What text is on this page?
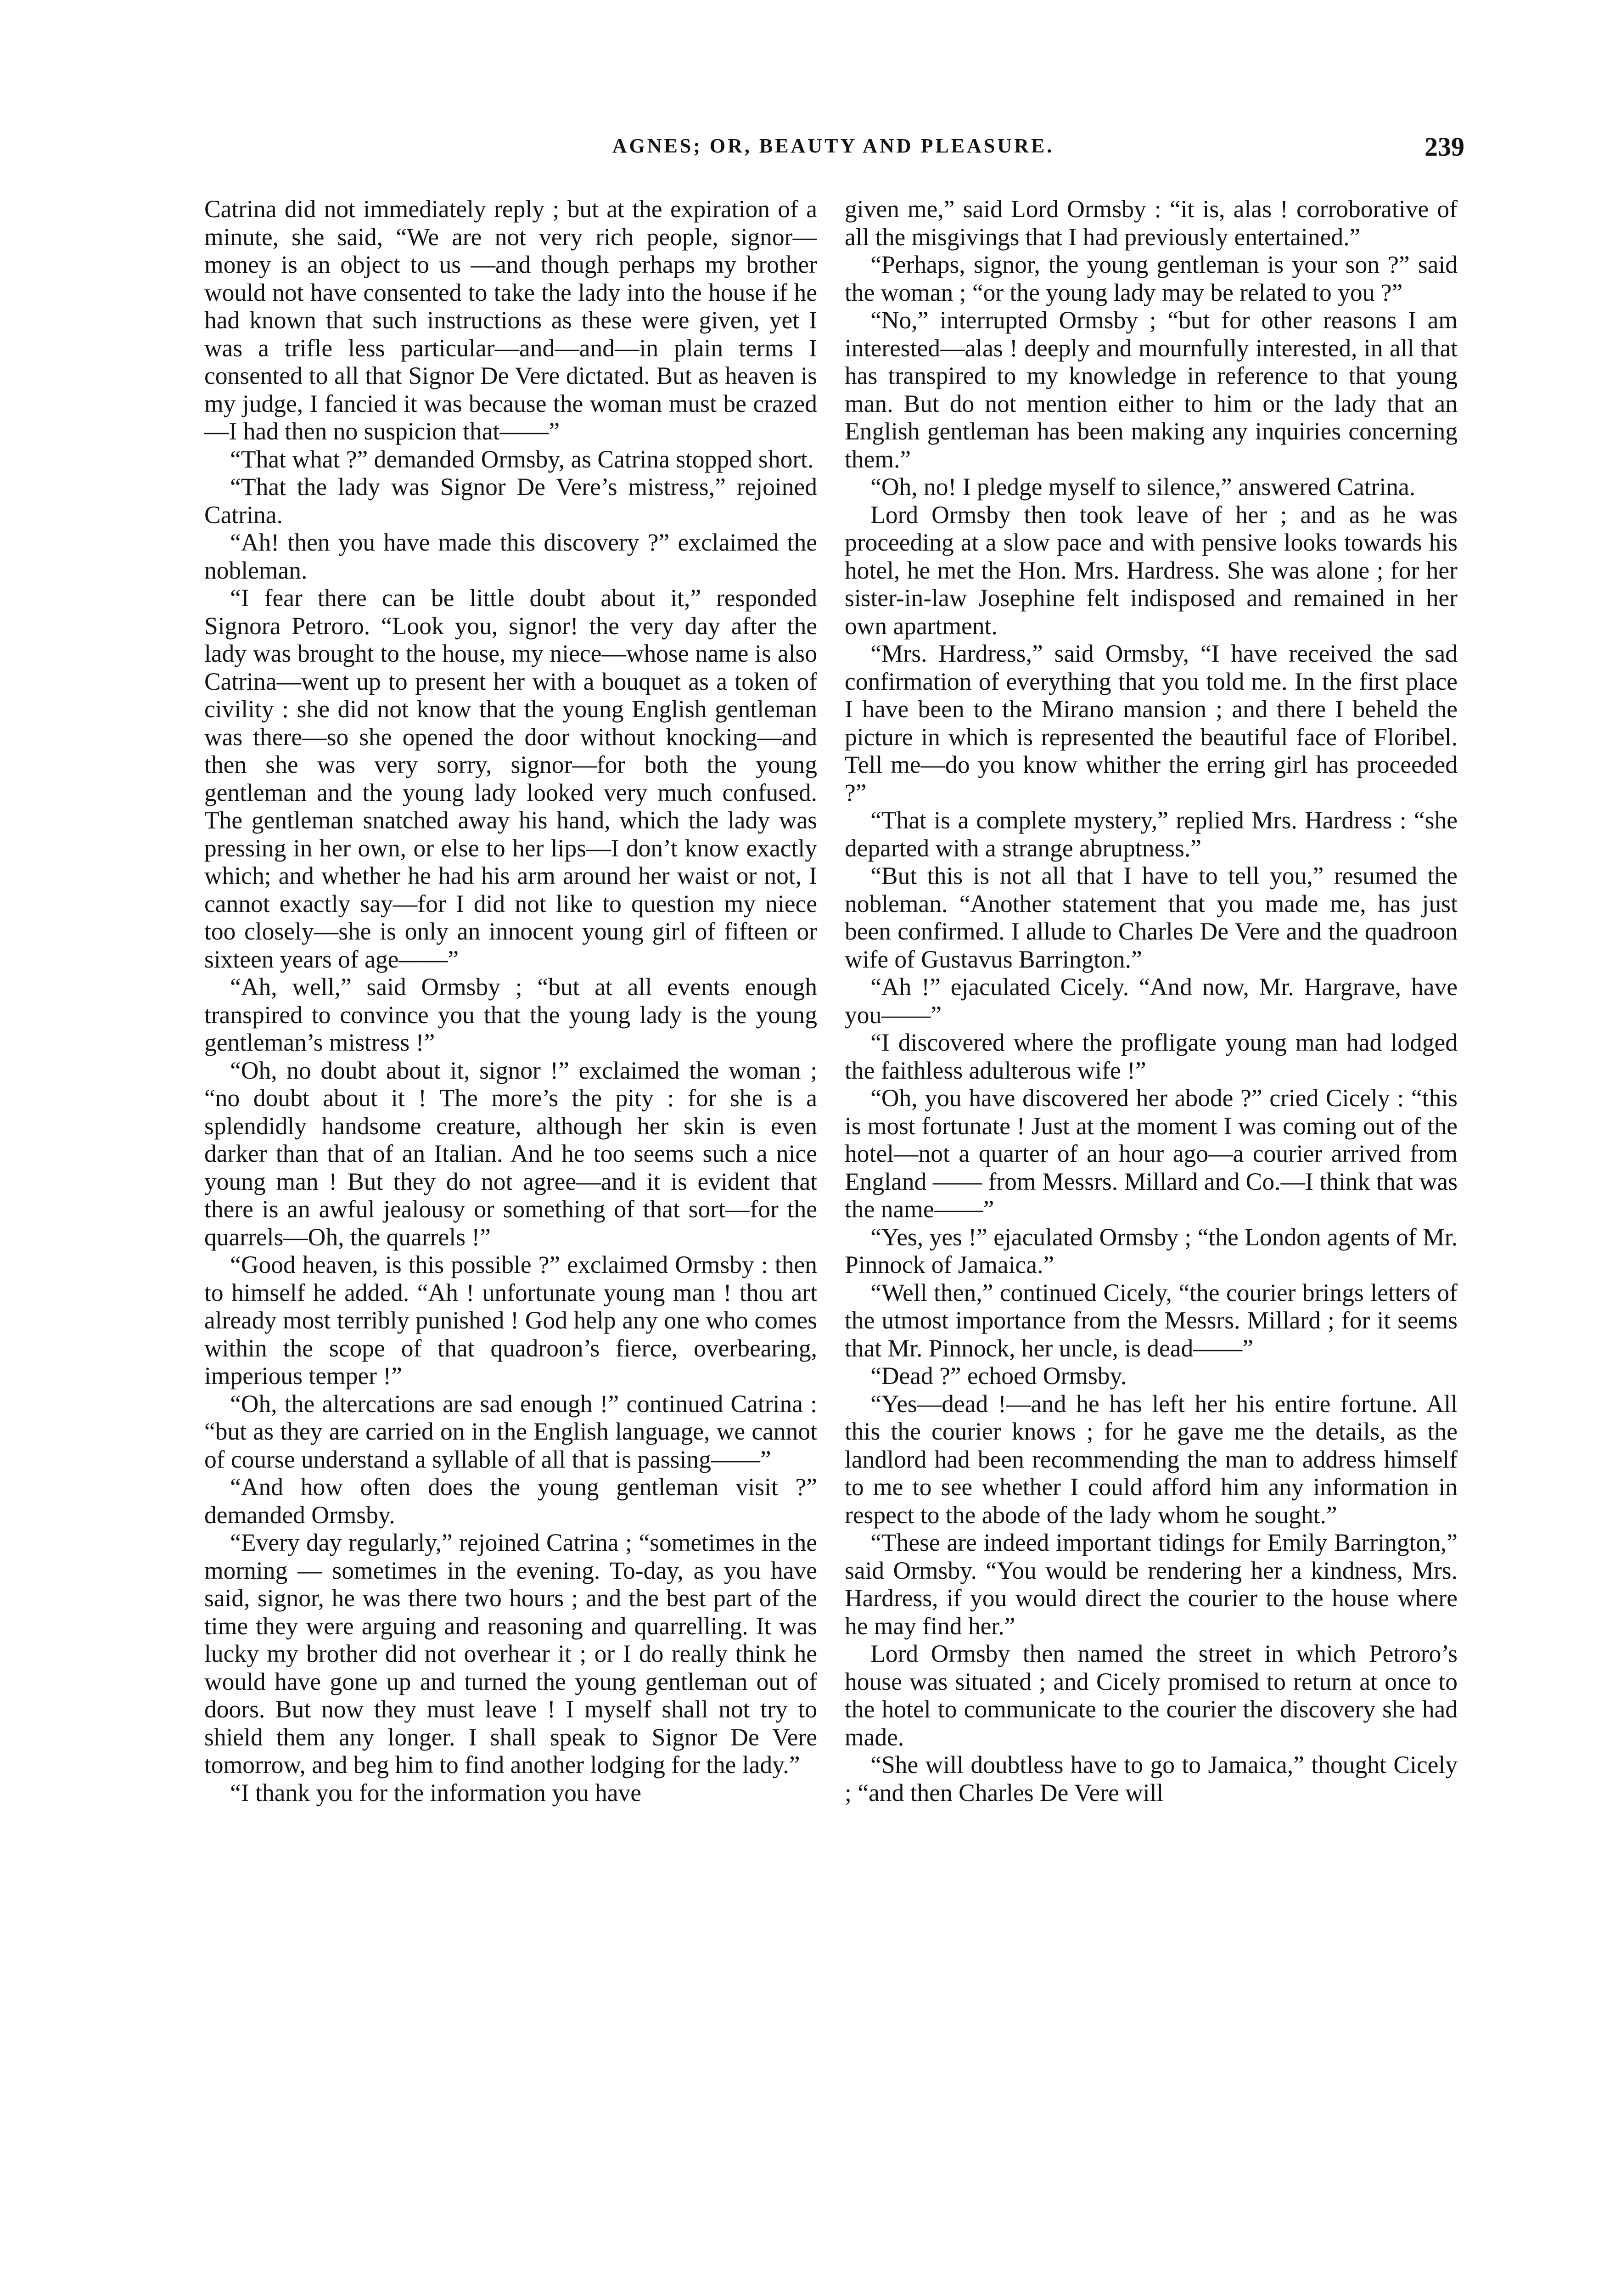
AGNES; OR, BEAUTY AND PLEASURE.	239

Catrina did not immediately reply ; but at the expiration of a minute, she said, “We are not very rich people, signor—money is an object to us —and though perhaps my brother would not have consented to take the lady into the house if he had known that such instructions as these were given, yet I was a trifle less particular—and—and—in plain terms I consented to all that Signor De Vere dictated. But as heaven is my judge, I fancied it was because the woman must be crazed—I had then no suspicion that——”

“That what ?” demanded Ormsby, as Catrina stopped short.

“That the lady was Signor De Vere’s mistress,” rejoined Catrina.

“Ah! then you have made this discovery ?” exclaimed the nobleman.

“I fear there can be little doubt about it,” responded Signora Petroro. “Look you, signor! the very day after the lady was brought to the house, my niece—whose name is also Catrina—went up to present her with a bouquet as a token of civility : she did not know that the young English gentleman was there—so she opened the door without knocking—and then she was very sorry, signor—for both the young gentleman and the young lady looked very much confused. The gentleman snatched away his hand, which the lady was pressing in her own, or else to her lips—I don’t know exactly which; and whether he had his arm around her waist or not, I cannot exactly say—for I did not like to question my niece too closely—she is only an innocent young girl of fifteen or sixteen years of age——”

“Ah, well,” said Ormsby ; “but at all events enough transpired to convince you that the young lady is the young gentleman’s mistress !”

“Oh, no doubt about it, signor !” exclaimed the woman ; “no doubt about it ! The more’s the pity : for she is a splendidly handsome creature, although her skin is even darker than that of an Italian. And he too seems such a nice young man ! But they do not agree—and it is evident that there is an awful jealousy or something of that sort—for the quarrels—Oh, the quarrels !”

“Good heaven, is this possible ?” exclaimed Ormsby : then to himself he added. “Ah ! unfortunate young man ! thou art already most terribly punished ! God help any one who comes within the scope of that quadroon’s fierce, overbearing, imperious temper !”

“Oh, the altercations are sad enough !” continued Catrina : “but as they are carried on in the English language, we cannot of course understand a syllable of all that is passing——”

“And how often does the young gentleman visit ?” demanded Ormsby.

“Every day regularly,” rejoined Catrina ; “sometimes in the morning — sometimes in the evening. To-day, as you have said, signor, he was there two hours ; and the best part of the time they were arguing and reasoning and quarrelling. It was lucky my brother did not overhear it ; or I do really think he would have gone up and turned the young gentleman out of doors. But now they must leave ! I myself shall not try to shield them any longer. I shall speak to Signor De Vere tomorrow, and beg him to find another lodging for the lady.”

“I thank you for the information you have

given me,” said Lord Ormsby : “it is, alas ! corroborative of all the misgivings that I had previously entertained.”

“Perhaps, signor, the young gentleman is your son ?” said the woman ; “or the young lady may be related to you ?”

“No,” interrupted Ormsby ; “but for other reasons I am interested—alas ! deeply and mournfully interested, in all that has transpired to my knowledge in reference to that young man. But do not mention either to him or the lady that an English gentleman has been making any inquiries concerning them.”

“Oh, no! I pledge myself to silence,” answered Catrina.

Lord Ormsby then took leave of her ; and as he was proceeding at a slow pace and with pensive looks towards his hotel, he met the Hon. Mrs. Hardress. She was alone ; for her sister-in-law Josephine felt indisposed and remained in her own apartment.

“Mrs. Hardress,” said Ormsby, “I have received the sad confirmation of everything that you told me. In the first place I have been to the Mirano mansion ; and there I beheld the picture in which is represented the beautiful face of Floribel. Tell me—do you know whither the erring girl has proceeded ?”

“That is a complete mystery,” replied Mrs. Hardress : “she departed with a strange abruptness.”

“But this is not all that I have to tell you,” resumed the nobleman. “Another statement that you made me, has just been confirmed. I allude to Charles De Vere and the quadroon wife of Gustavus Barrington.”

“Ah !” ejaculated Cicely. “And now, Mr. Hargrave, have you——”

“I discovered where the profligate young man had lodged the faithless adulterous wife !”

“Oh, you have discovered her abode ?” cried Cicely : “this is most fortunate ! Just at the moment I was coming out of the hotel—not a quarter of an hour ago—a courier arrived from England —— from Messrs. Millard and Co.—I think that was the name——”

“Yes, yes !” ejaculated Ormsby ; “the London agents of Mr. Pinnock of Jamaica.”

“Well then,” continued Cicely, “the courier brings letters of the utmost importance from the Messrs. Millard ; for it seems that Mr. Pinnock, her uncle, is dead——”

“Dead ?” echoed Ormsby.

“Yes—dead !—and he has left her his entire fortune. All this the courier knows ; for he gave me the details, as the landlord had been recommending the man to address himself to me to see whether I could afford him any information in respect to the abode of the lady whom he sought.”

“These are indeed important tidings for Emily Barrington,” said Ormsby. “You would be rendering her a kindness, Mrs. Hardress, if you would direct the courier to the house where he may find her.”

Lord Ormsby then named the street in which Petroro’s house was situated ; and Cicely promised to return at once to the hotel to communicate to the courier the discovery she had made.

“She will doubtless have to go to Jamaica,” thought Cicely ; “and then Charles De Vere will
